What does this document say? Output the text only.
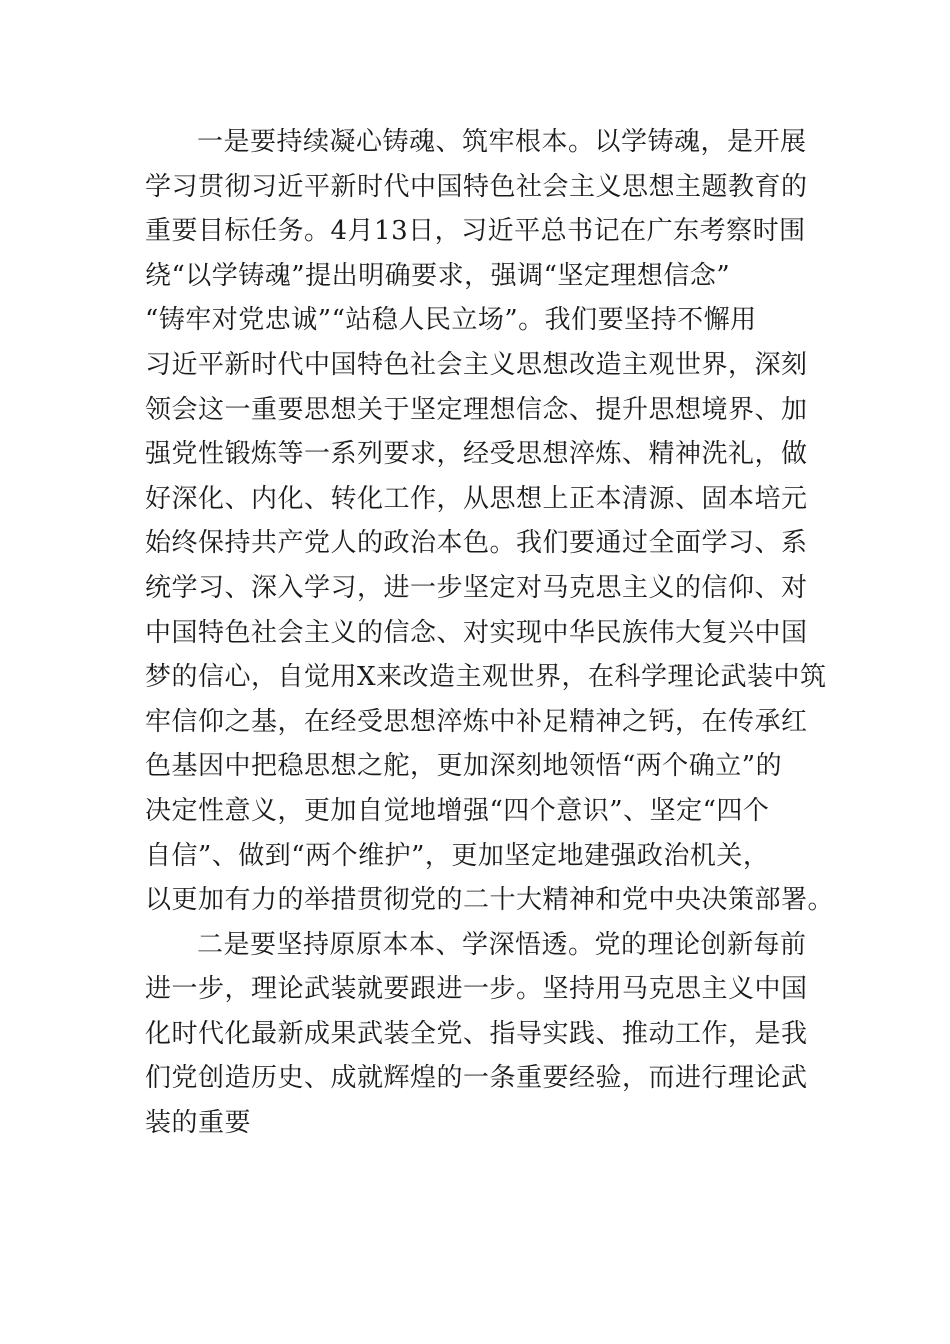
一是要持续凝心铸魂、筑牢根本。以学铸魂，是开展
学习贯彻习近平新时代中国特色社会主义思想主题教育的
重要目标任务。4月13日，习近平总书记在广东考察时围
绕“以学铸魂”提出明确要求，强调“坚定理想信念”
“铸牢对党忠诚”“站稳人民立场”。我们要坚持不懈用
习近平新时代中国特色社会主义思想改造主观世界，深刻
领会这一重要思想关于坚定理想信念、提升思想境界、加
强党性锻炼等一系列要求，经受思想淬炼、精神洗礼，做
好深化、内化、转化工作，从思想上正本清源、固本培元
始终保持共产党人的政治本色。我们要通过全面学习、系
统学习、深入学习，进一步坚定对马克思主义的信仰、对
中国特色社会主义的信念、对实现中华民族伟大复兴中国
梦的信心，自觉用X来改造主观世界，在科学理论武装中筑
牢信仰之基，在经受思想淬炼中补足精神之钙，在传承红
色基因中把稳思想之舵，更加深刻地领悟“两个确立”的
决定性意义，更加自觉地增强“四个意识”、坚定“四个
自信”、做到“两个维护”，更加坚定地建强政治机关，
以更加有力的举措贯彻党的二十大精神和党中央决策部署。
二是要坚持原原本本、学深悟透。党的理论创新每前
进一步，理论武装就要跟进一步。坚持用马克思主义中国
化时代化最新成果武装全党、指导实践、推动工作，是我
们党创造历史、成就辉煌的一条重要经验，而进行理论武
装的重要
